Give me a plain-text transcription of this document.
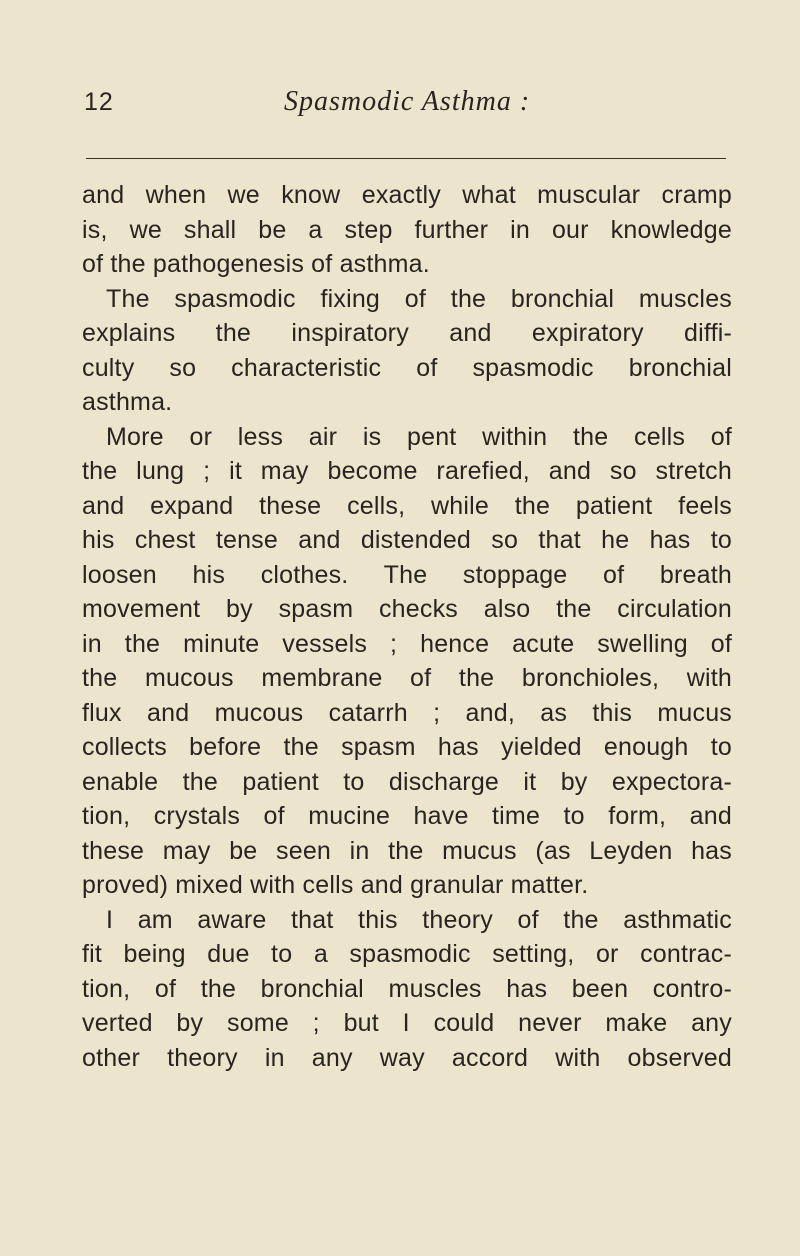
12	Spasmodic Asthma :
and when we know exactly what muscular cramp
is, we shall be a step further in our knowledge
of the pathogenesis of asthma.
The spasmodic fixing of the bronchial muscles
explains the inspiratory and expiratory diffi-
culty so characteristic of spasmodic bronchial
asthma.
More or less air is pent within the cells of
the lung ; it may become rarefied, and so stretch
and expand these cells, while the patient feels
his chest tense and distended so that he has to
loosen his clothes. The stoppage of breath
movement by spasm checks also the circulation
in the minute vessels ; hence acute swelling of
the mucous membrane of the bronchioles, with
flux and mucous catarrh ; and, as this mucus
collects before the spasm has yielded enough to
enable the patient to discharge it by expectora-
tion, crystals of mucine have time to form, and
these may be seen in the mucus (as Leyden has
proved) mixed with cells and granular matter.
I am aware that this theory of the asthmatic
fit being due to a spasmodic setting, or contrac-
tion, of the bronchial muscles has been contro-
verted by some ; but I could never make any
other theory in any way accord with observed
